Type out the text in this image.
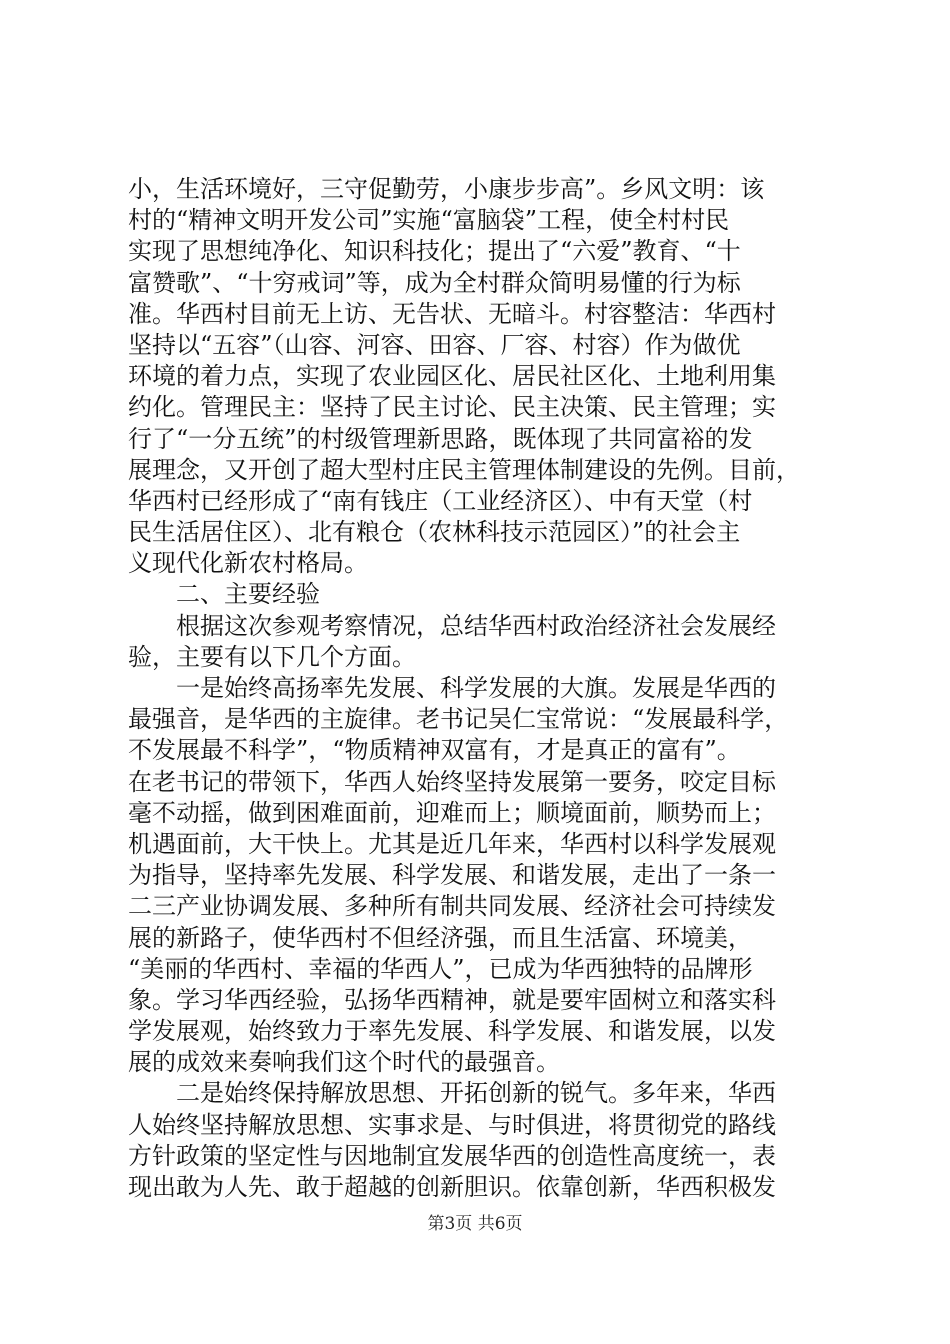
小，生活环境好，三守促勤劳，小康步步高”。乡风文明：该
村的“精神文明开发公司”实施“富脑袋”工程，使全村村民
实现了思想纯净化、知识科技化；提出了“六爱”教育、“十
富赞歌”、“十穷戒词”等，成为全村群众简明易懂的行为标
准。华西村目前无上访、无告状、无暗斗。村容整洁：华西村
坚持以“五容”（山容、河容、田容、厂容、村容）作为做优
环境的着力点，实现了农业园区化、居民社区化、土地利用集
约化。管理民主：坚持了民主讨论、民主决策、民主管理；实
行了“一分五统”的村级管理新思路，既体现了共同富裕的发
展理念，又开创了超大型村庄民主管理体制建设的先例。目前，
华西村已经形成了“南有钱庄（工业经济区）、中有天堂（村
民生活居住区）、北有粮仓（农林科技示范园区）”的社会主
义现代化新农村格局。
　　二、主要经验
　　根据这次参观考察情况，总结华西村政治经济社会发展经
验，主要有以下几个方面。
　　一是始终高扬率先发展、科学发展的大旗。发展是华西的
最强音，是华西的主旋律。老书记吴仁宝常说：“发展最科学，
不发展最不科学”，“物质精神双富有，才是真正的富有”。
在老书记的带领下，华西人始终坚持发展第一要务，咬定目标
毫不动摇，做到困难面前，迎难而上；顺境面前，顺势而上；
机遇面前，大干快上。尤其是近几年来，华西村以科学发展观
为指导，坚持率先发展、科学发展、和谐发展，走出了一条一
二三产业协调发展、多种所有制共同发展、经济社会可持续发
展的新路子，使华西村不但经济强，而且生活富、环境美，
“美丽的华西村、幸福的华西人”，已成为华西独特的品牌形
象。学习华西经验，弘扬华西精神，就是要牢固树立和落实科
学发展观，始终致力于率先发展、科学发展、和谐发展，以发
展的成效来奏响我们这个时代的最强音。
　　二是始终保持解放思想、开拓创新的锐气。多年来，华西
人始终坚持解放思想、实事求是、与时俱进，将贯彻党的路线
方针政策的坚定性与因地制宜发展华西的创造性高度统一，表
现出敢为人先、敢于超越的创新胆识。依靠创新，华西积极发
第3页 共6页
